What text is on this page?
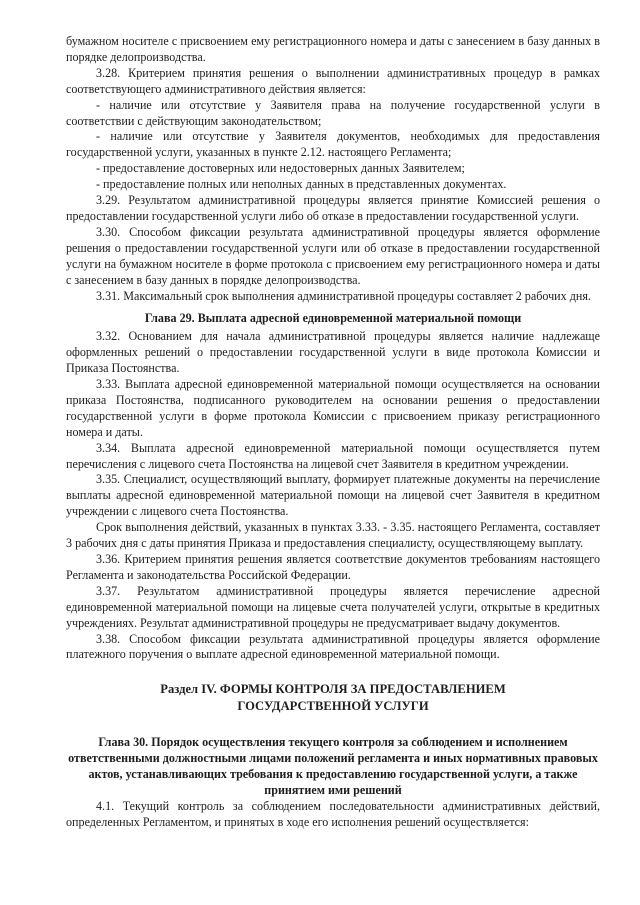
бумажном носителе с присвоением ему регистрационного номера и даты с занесением в базу данных в порядке делопроизводства.

3.28. Критерием принятия решения о выполнении административных процедур в рамках соответствующего административного действия является:

- наличие или отсутствие у Заявителя права на получение государственной услуги в соответствии с действующим законодательством;

- наличие или отсутствие у Заявителя документов, необходимых для предоставления государственной услуги, указанных в пункте 2.12. настоящего Регламента;

- предоставление достоверных или недостоверных данных Заявителем;

- предоставление полных или неполных данных в представленных документах.

3.29. Результатом административной процедуры является принятие Комиссией решения о предоставлении государственной услуги либо об отказе в предоставлении государственной услуги.

3.30. Способом фиксации результата административной процедуры является оформление решения о предоставлении государственной услуги или об отказе в предоставлении государственной услуги на бумажном носителе в форме протокола с присвоением ему регистрационного номера и даты с занесением в базу данных в порядке делопроизводства.

3.31. Максимальный срок выполнения административной процедуры составляет 2 рабочих дня.

Глава 29. Выплата адресной единовременной материальной помощи

3.32. Основанием для начала административной процедуры является наличие надлежаще оформленных решений о предоставлении государственной услуги в виде протокола Комиссии и Приказа Постоянства.

3.33. Выплата адресной единовременной материальной помощи осуществляется на основании приказа Постоянства, подписанного руководителем на основании решения о предоставлении государственной услуги в форме протокола Комиссии с присвоением приказу регистрационного номера и даты.

3.34. Выплата адресной единовременной материальной помощи осуществляется путем перечисления с лицевого счета Постоянства на лицевой счет Заявителя в кредитном учреждении.

3.35. Специалист, осуществляющий выплату, формирует платежные документы на перечисление выплаты адресной единовременной материальной помощи на лицевой счет Заявителя в кредитном учреждении с лицевого счета Постоянства.

Срок выполнения действий, указанных в пунктах 3.33. - 3.35. настоящего Регламента, составляет 3 рабочих дня с даты принятия Приказа и предоставления специалисту, осуществляющему выплату.

3.36. Критерием принятия решения является соответствие документов требованиям настоящего Регламента и законодательства Российской Федерации.

3.37. Результатом административной процедуры является перечисление адресной единовременной материальной помощи на лицевые счета получателей услуги, открытые в кредитных учреждениях. Результат административной процедуры не предусматривает выдачу документов.

3.38. Способом фиксации результата административной процедуры является оформление платежного поручения о выплате адресной единовременной материальной помощи.

Раздел IV. ФОРМЫ КОНТРОЛЯ ЗА ПРЕДОСТАВЛЕНИЕМ
ГОСУДАРСТВЕННОЙ УСЛУГИ

Глава 30. Порядок осуществления текущего контроля за соблюдением и исполнением ответственными должностными лицами положений регламента и иных нормативных правовых актов, устанавливающих требования к предоставлению государственной услуги, а также принятием ими решений

4.1. Текущий контроль за соблюдением последовательности административных действий, определенных Регламентом, и принятых в ходе его исполнения решений осуществляется:
